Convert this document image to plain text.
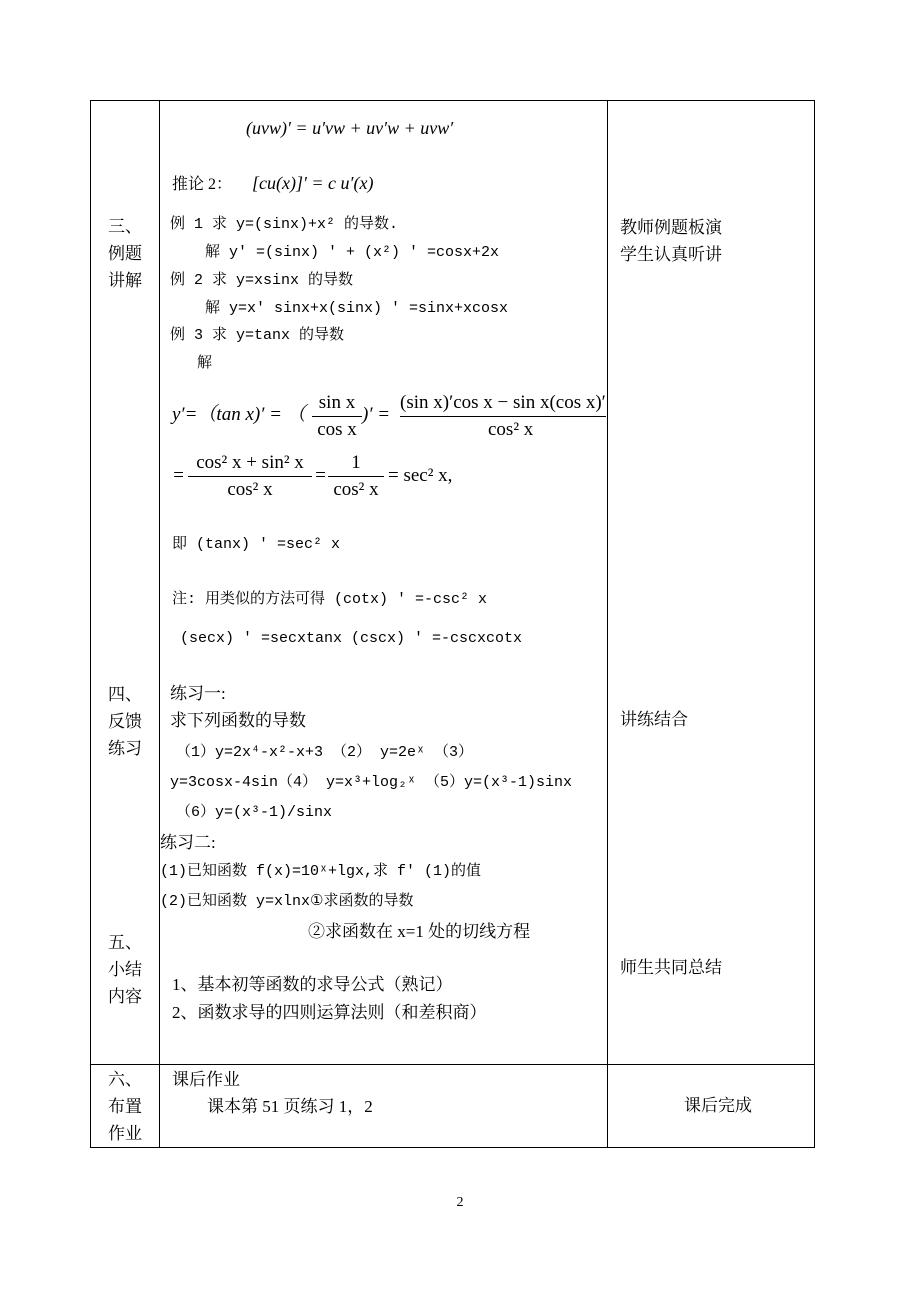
三、
例题
讲解
四、
反馈
练习
五、
小结
内容
六、
布置
作业
教师例题板演
学生认真听讲
讲练结合
师生共同总结
课后完成
(uvw)′ = u′vw + uv′w + uvw′
推论 2： [cu(x)]′ = c u′(x)
例 1 求 y=(sinx)+x² 的导数.
解 y′ =(sinx) ′ + (x²) ′ =cosx+2x
例 2 求 y=xsinx 的导数
解 y=x′ sinx+x(sinx) ′ =sinx+xcosx
例 3 求 y=tanx 的导数
解
y′=（tan x)′ = （
sin x
cos x
)′ =
(sin x)′cos x − sin x(cos x)′
cos² x
=
cos² x + sin² x
cos² x
=
1
cos² x
= sec² x,
即 (tanx) ′ =sec² x
注: 用类似的方法可得 (cotx) ′ =-csc² x
(secx) ′ =secxtanx (cscx) ′ =-cscxcotx
练习一:
求下列函数的导数
（1）y=2x⁴-x²-x+3 （2） y=2eˣ （3）
y=3cosx-4sin（4） y=x³+log₂ˣ （5）y=(x³-1)sinx
（6）y=(x³-1)/sinx
练习二:
(1)已知函数 f(x)=10ˣ+lgx,求 f′ (1)的值
(2)已知函数 y=xlnx①求函数的导数
②求函数在 x=1 处的切线方程
1、基本初等函数的求导公式（熟记）
2、函数求导的四则运算法则（和差积商）
课后作业
课本第 51 页练习 1，2
2
